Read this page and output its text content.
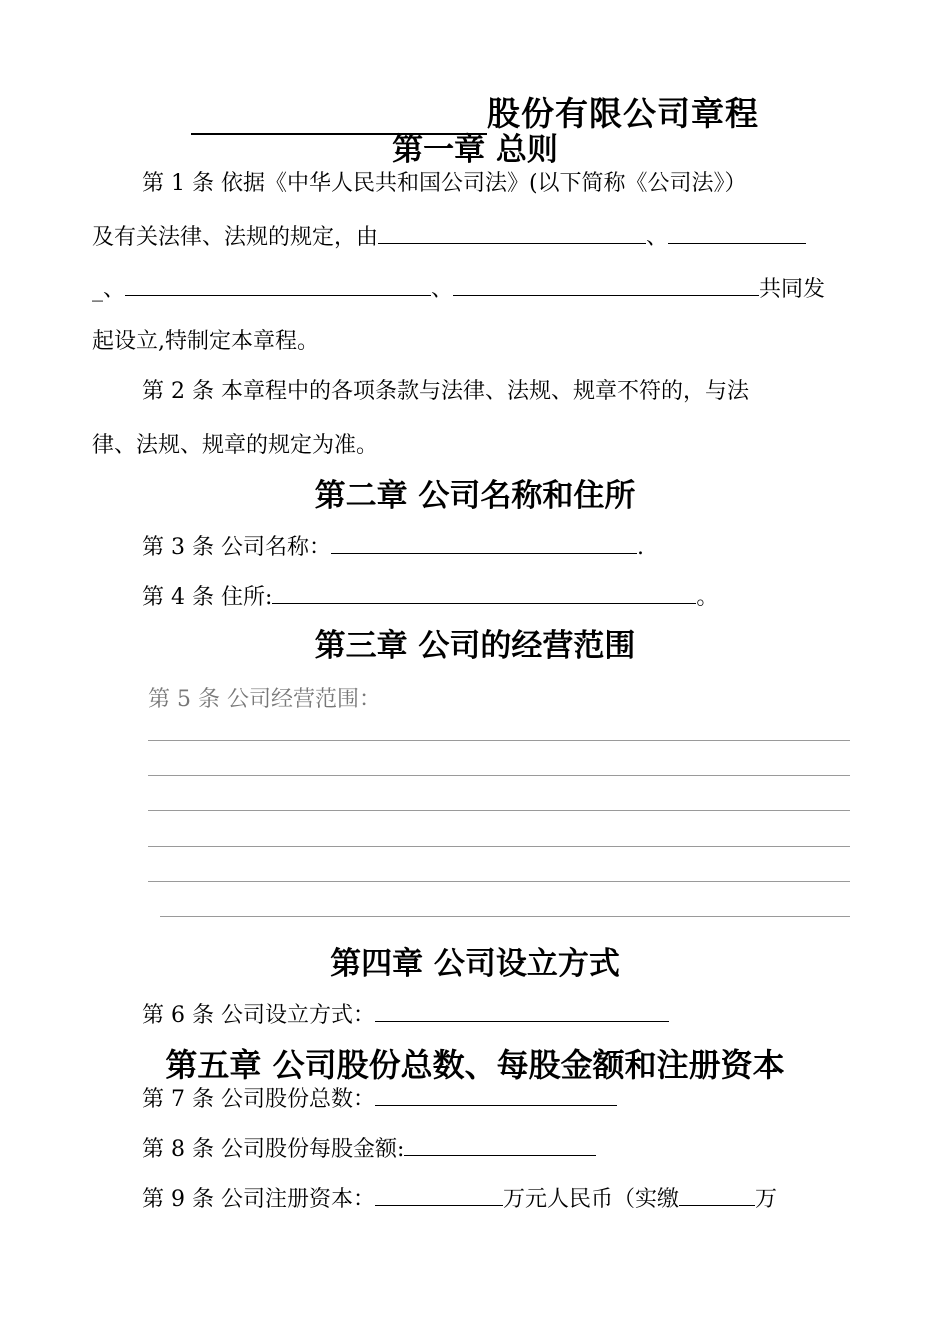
股份有限公司章程
第一章 总则
第 1 条 依据《中华人民共和国公司法》(以下简称《公司法》）
及有关法律、法规的规定，由	、
_、	、	共同发
起设立,特制定本章程。
第 2 条 本章程中的各项条款与法律、法规、规章不符的，与法
律、法规、规章的规定为准。
第二章 公司名称和住所
第 3 条 公司名称：	.
第 4 条 住所:	。
第三章 公司的经营范围
第 5 条 公司经营范围：
第四章 公司设立方式
第 6 条 公司设立方式：
第五章 公司股份总数、每股金额和注册资本
第 7 条 公司股份总数：
第 8 条 公司股份每股金额:
第 9 条 公司注册资本：	万元人民币（实缴	万
